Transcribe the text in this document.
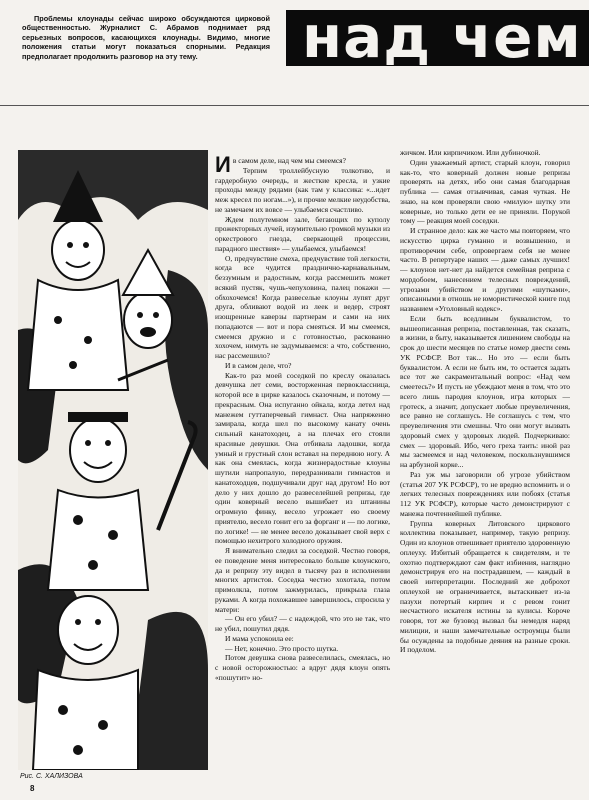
Проблемы клоунады сейчас широко обсуждаются цирковой общественностью. Журналист С. Абрамов поднимает ряд серьезных вопросов, касающихся клоунады. Видимо, многие положения статьи могут показаться спорными. Редакция предполагает продолжить разговор на эту тему.	над чем
Рис. С. ХАЛИЗОВА
8

Ив самом деле, над чем мы смеемся?

Терпим троллейбусную толкотню, и гардеробную очередь, и жесткие кресла, и узкие проходы между рядами (как там у классика: «...идет меж кресел по ногам...»), и прочие мелкие неудобства, не замечаем их вовсе — улыбаемся счастливо.

Ждем полутемном зале, бегающих по куполу прожекторных лучей, изумительно громкой музыки из оркестрового гнезда, сверкающей процессии, парадного шествия» — улыбаемся, улыбаемся!

О, предчувствие смеха, предчувствие той легкости, когда все чудится празднично-карнавальным, беззумным и радостным, когда рассмешить может всякий пустяк, чушь-чепуховина, палец покажи — обхохочемся! Когда развеселые клоуны лупят друг друга, обливают водой из леек и ведер, строят изощренные каверзы партнерам и сами на них попадаются — вот и пора смеяться. И мы смеемся, смеемся дружно и с готовностью, раскованно хохочем, нимуть не задумываемся: а что, собственно, нас рассмешило?

И в самом деле, что?

Как-то раз моей соседкой по креслу оказалась девчушка лет семи, восторженная первоклассница, которой все в цирке казалось сказочным, и потому — прекрасным. Она испуганно ойкала, когда летел над манежем гуттаперчевый гимнаст. Она напряженно замирала, когда шел по высокому канату очень сильный канатоходец, а на плечах его стояли красивые девушки. Она отбивала ладошки, когда умный и грустный слон вставал на переднюю ногу. А как она смеялась, когда жизнерадостные клоуны шутили напропалую, передразнивали гимнастов и канатоходцев, подшучивали друг над другом! Но вот дело у них дошло до развеселейшей репризы, где один коверный весело вышибает из штанины огромную финку, весело угрожает ею своему приятелю, весело гонит его за форганг и — по логике, по логике! — не менее весело доказывает свой верх с помощью нехитрого холодного оружия.

Я внимательно следил за соседкой. Честно говоря, ее поведение меня интересовало больше клоунского, да и репризу эту видел в тысячу раз в исполнении многих артистов. Соседка честно хохотала, потом примолкла, потом зажмурилась, прикрыла глаза руками. А когда похожавшее завершилось, спросила у матери:

— Он его убил? — с надеждой, что это не так, что не убил, пошутил дядя.

И мама успокоила ее:

— Нет, конечно. Это просто шутка.

Потом девушка снова развеселилась, смеялась, но с новой осторожностью: а вдруг дядя клоун опять «пошутит» но-

жичком. Или кирпичиком. Или дубиночкой.

Один уважаемый артист, старый клоун, говорил как-то, что коверный должен новые репризы проверять на детях, ибо они самая благодарная публика — самая отзывчивая, самая чуткая. Не знаю, на ком проверяли свою «милую» шутку эти коверные, но только дети ее не приняли. Порукой тому — реакция моей соседки.

И странное дело: как же часто мы повторяем, что искусство цирка гуманно и возвышенно, и противоречим себе, опровергаем себя не менее часто. В репертуаре наших — даже самых лучших! — клоунов нет-нет да найдется семейная реприза с мордобоем, нанесением телесных повреждений, угрозами убийством и другими «шутками», описанными в отношь не юмористической книге под названием «Уголовный кодекс».

Если быть вседливым буквалистом, то вышеописанная реприза, поставленная, так сказать, в жизни, в быту, наказывается лишением свободы на срок до шести месяцев по статье номер двести семь УК РСФСР. Вот так... Но это — если быть буквалистом. А если не быть им, то остается задать все тот же сакраментальный вопрос: «Над чем смеетесь?» И пусть не убеждают меня в том, что это всего лишь пародия клоунов, игра которых — гротеск, а значит, допускает любые преувеличения, все равно не соглашусь. Не соглашусь с тем, что преувеличения эти смешны. Что они могут вызвать здоровый смех у здоровых людей. Подчеркиваю: смех — здоровый. Ибо, чего греха таить: иной раз мы засмеемся и над человеком, поскользнувшимся на арбузной корке...

Раз уж мы заговорили об угрозе убийством (статья 207 УК РСФСР), то не вредно вспомнить и о легких телесных повреждениях или побоях (статья 112 УК РСФСР), которые часто демонстрируют с манежа почтеннейшей публике.

Группа коверных Литовского циркового коллектива показывает, например, такую репризу. Один из клоунов отвешивает приятелю здоровенную оплеуху. Избитый обращается к свидетелям, и те охотно подтверждают сам факт избиения, наглядно демонстрируя его на пострадавшем, — каждый в своей интерпретации. Последний же доброхот оплеухой не ограничивается, вытаскивает из-за пазухи потертый кирпич и с ревом гонит несчастного искателя истины за кулисы. Короче говоря, тот же бузовод вызвал бы немедля наряд милиции, и наши замечательные остроумцы были бы осуждены за подобные деяния на разные сроки. И поделом.
